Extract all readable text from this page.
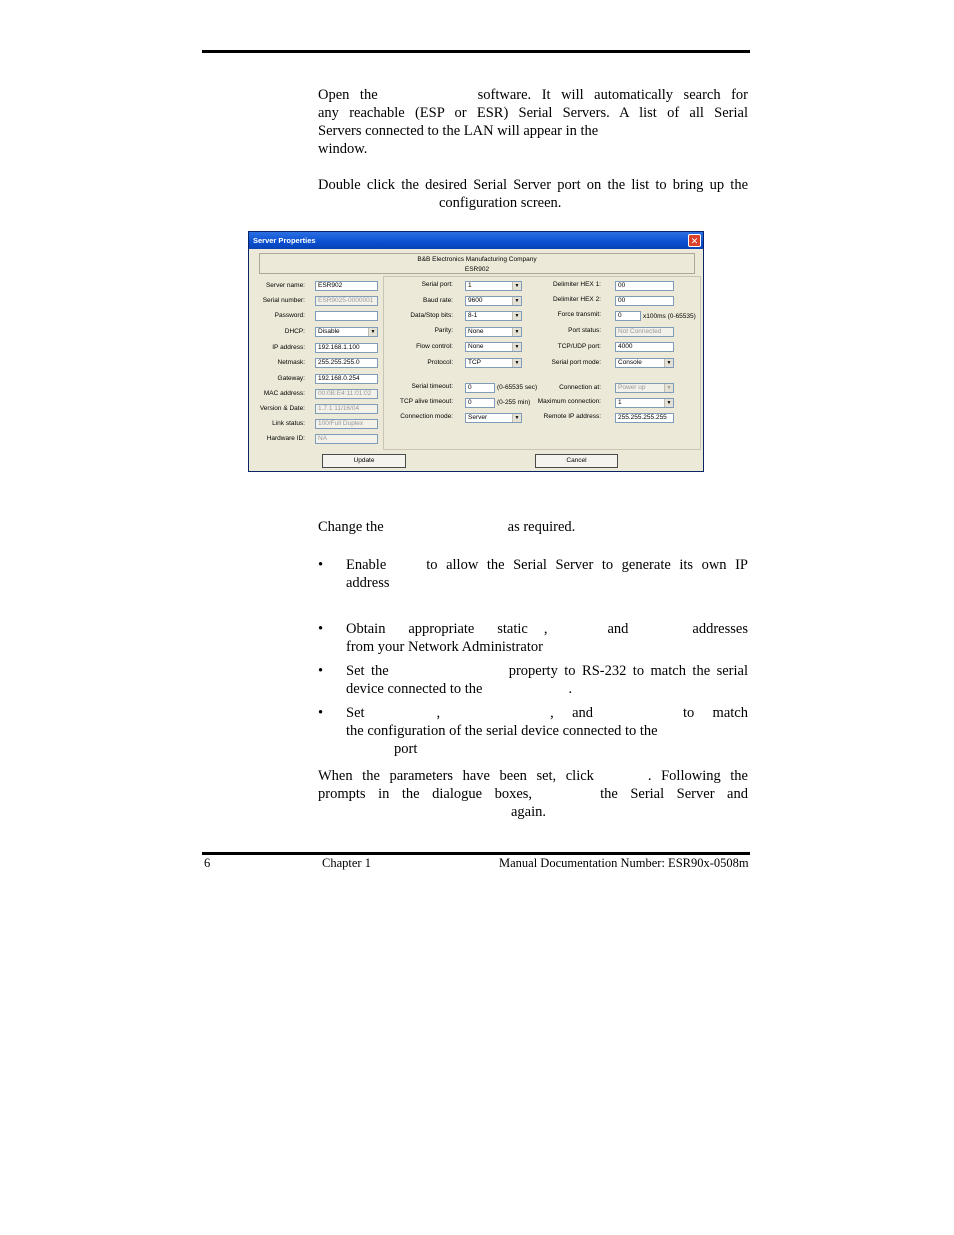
Open the	software. It will automatically search for
any reachable (ESP or ESR) Serial Servers. A list of all Serial
Servers connected to the LAN will appear in the
window.
Double click the desired Serial Server port on the list to bring up the
configuration screen.
Server Properties	✕
B&B Electronics Manufacturing Company
ESR902
Server name:	ESR902
Serial number:	ESR9025-0000001
Password:
DHCP:	Disable	▼
IP address:	192.168.1.100
Netmask:	255.255.255.0
Gateway:	192.168.0.254
MAC address:	00:0B:E4:11:01:02
Version & Date:	1.7.1 11/16/04
Link status:	100/Full Duplex
Hardware ID:	NA
Serial port:	1	▼
Baud rate:	9600	▼
Data/Stop bits:	8-1	▼
Parity:	None	▼
Flow control:	None	▼
Protocol:	TCP	▼
Serial timeout:	0	(0-65535 sec)
TCP alive timeout:	0	(0-255 min)
Connection mode:	Server	▼
Delimiter HEX 1:	00
Delimiter HEX 2:	00
Force transmit:	0	x100ms (0-65535)
Port status:	Not Connected
TCP/UDP port:	4000
Serial port mode:	Console	▼
Connection at:	Power up	▼
Maximum connection:	1	▼
Remote IP address:	255.255.255.255
Update	Cancel
Change the	as required.
• Enable	to allow the Serial Server to generate its own IP
address
• Obtain appropriate static ,	and	addresses
from your Network Administrator
• Set the	property to RS-232 to match the serial
device connected to the	.
• Set	,	, and	to match
the configuration of the serial device connected to the
port
When the parameters have been set, click	. Following the
prompts in the dialogue boxes,	the Serial Server and
again.
6	Chapter 1	Manual Documentation Number: ESR90x-0508m
